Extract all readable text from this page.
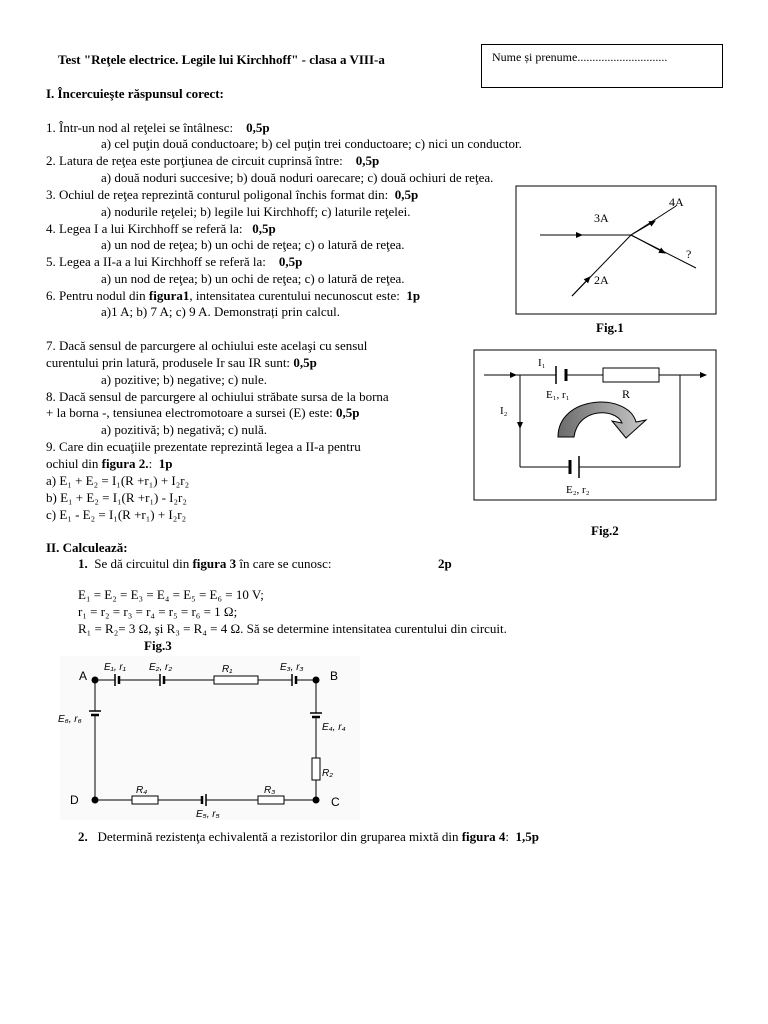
Test "Reţele electrice. Legile lui Kirchhoff" - clasa a VIII-a	Nume și prenume..............................
I. Încercuieşte răspunsul corect:
1. Într-un nod al reţelei se întâlnesc: 0,5p
a) cel puţin două conductoare; b) cel puţin trei conductoare; c) nici un conductor.
2. Latura de reţea este porţiunea de circuit cuprinsă între: 0,5p
a) două noduri succesive; b) două noduri oarecare; c) două ochiuri de reţea.
3. Ochiul de reţea reprezintă conturul poligonal închis format din: 0,5p
a) nodurile reţelei; b) legile lui Kirchhoff; c) laturile reţelei.
4. Legea I a lui Kirchhoff se referă la: 0,5p
a) un nod de reţea; b) un ochi de reţea; c) o latură de reţea.
5. Legea a II-a a lui Kirchhoff se referă la: 0,5p
a) un nod de reţea; b) un ochi de reţea; c) o latură de reţea.
6. Pentru nodul din figura1, intensitatea curentului necunoscut este: 1p
a)1 A; b) 7 A; c) 9 A. Demonstrați prin calcul.
7. Dacă sensul de parcurgere al ochiului este acelaşi cu sensul
curentului prin latură, produsele Ir sau IR sunt: 0,5p
a) pozitive; b) negative; c) nule.
8. Dacă sensul de parcurgere al ochiului străbate sursa de la borna
+ la borna -, tensiunea electromotoare a sursei (E) este: 0,5p
a) pozitivă; b) negativă; c) nulă.
9. Care din ecuaţiile prezentate reprezintă legea a II-a pentru
ochiul din figura 2.: 1p
a) E₁ + E₂ = I₁(R +r₁) + I₂r₂
b) E₁ + E₂ = I₁(R +r₁) - I₂r₂
c) E₁ - E₂ = I₁(R +r₁) + I₂r₂
3A
4A
?
2A
Fig.1
I₁
E₁, r₁	R
I₂
E₂, r₂
Fig.2
II. Calculează:
1. Se dă circuitul din figura 3 în care se cunosc:	2p
E₁ = E₂ = E₃ = E₄ = E₅ = E₆ = 10 V;
r₁ = r₂ = r₃ = r₄ = r₅ = r₆ = 1 Ω;
R₁ = R₂= 3 Ω, şi R₃ = R₄ = 4 Ω. Să se determine intensitatea curentului din circuit.
Fig.3
A	B
C
D
E₁, r₁ E₂, r₂	R₁	E₃, r₃
E₄, r₄
R₂
E₆, r₆
R₄	R₃
E₅, r₅
2. Determină rezistenţa echivalentă a rezistorilor din gruparea mixtă din figura 4: 1,5p
